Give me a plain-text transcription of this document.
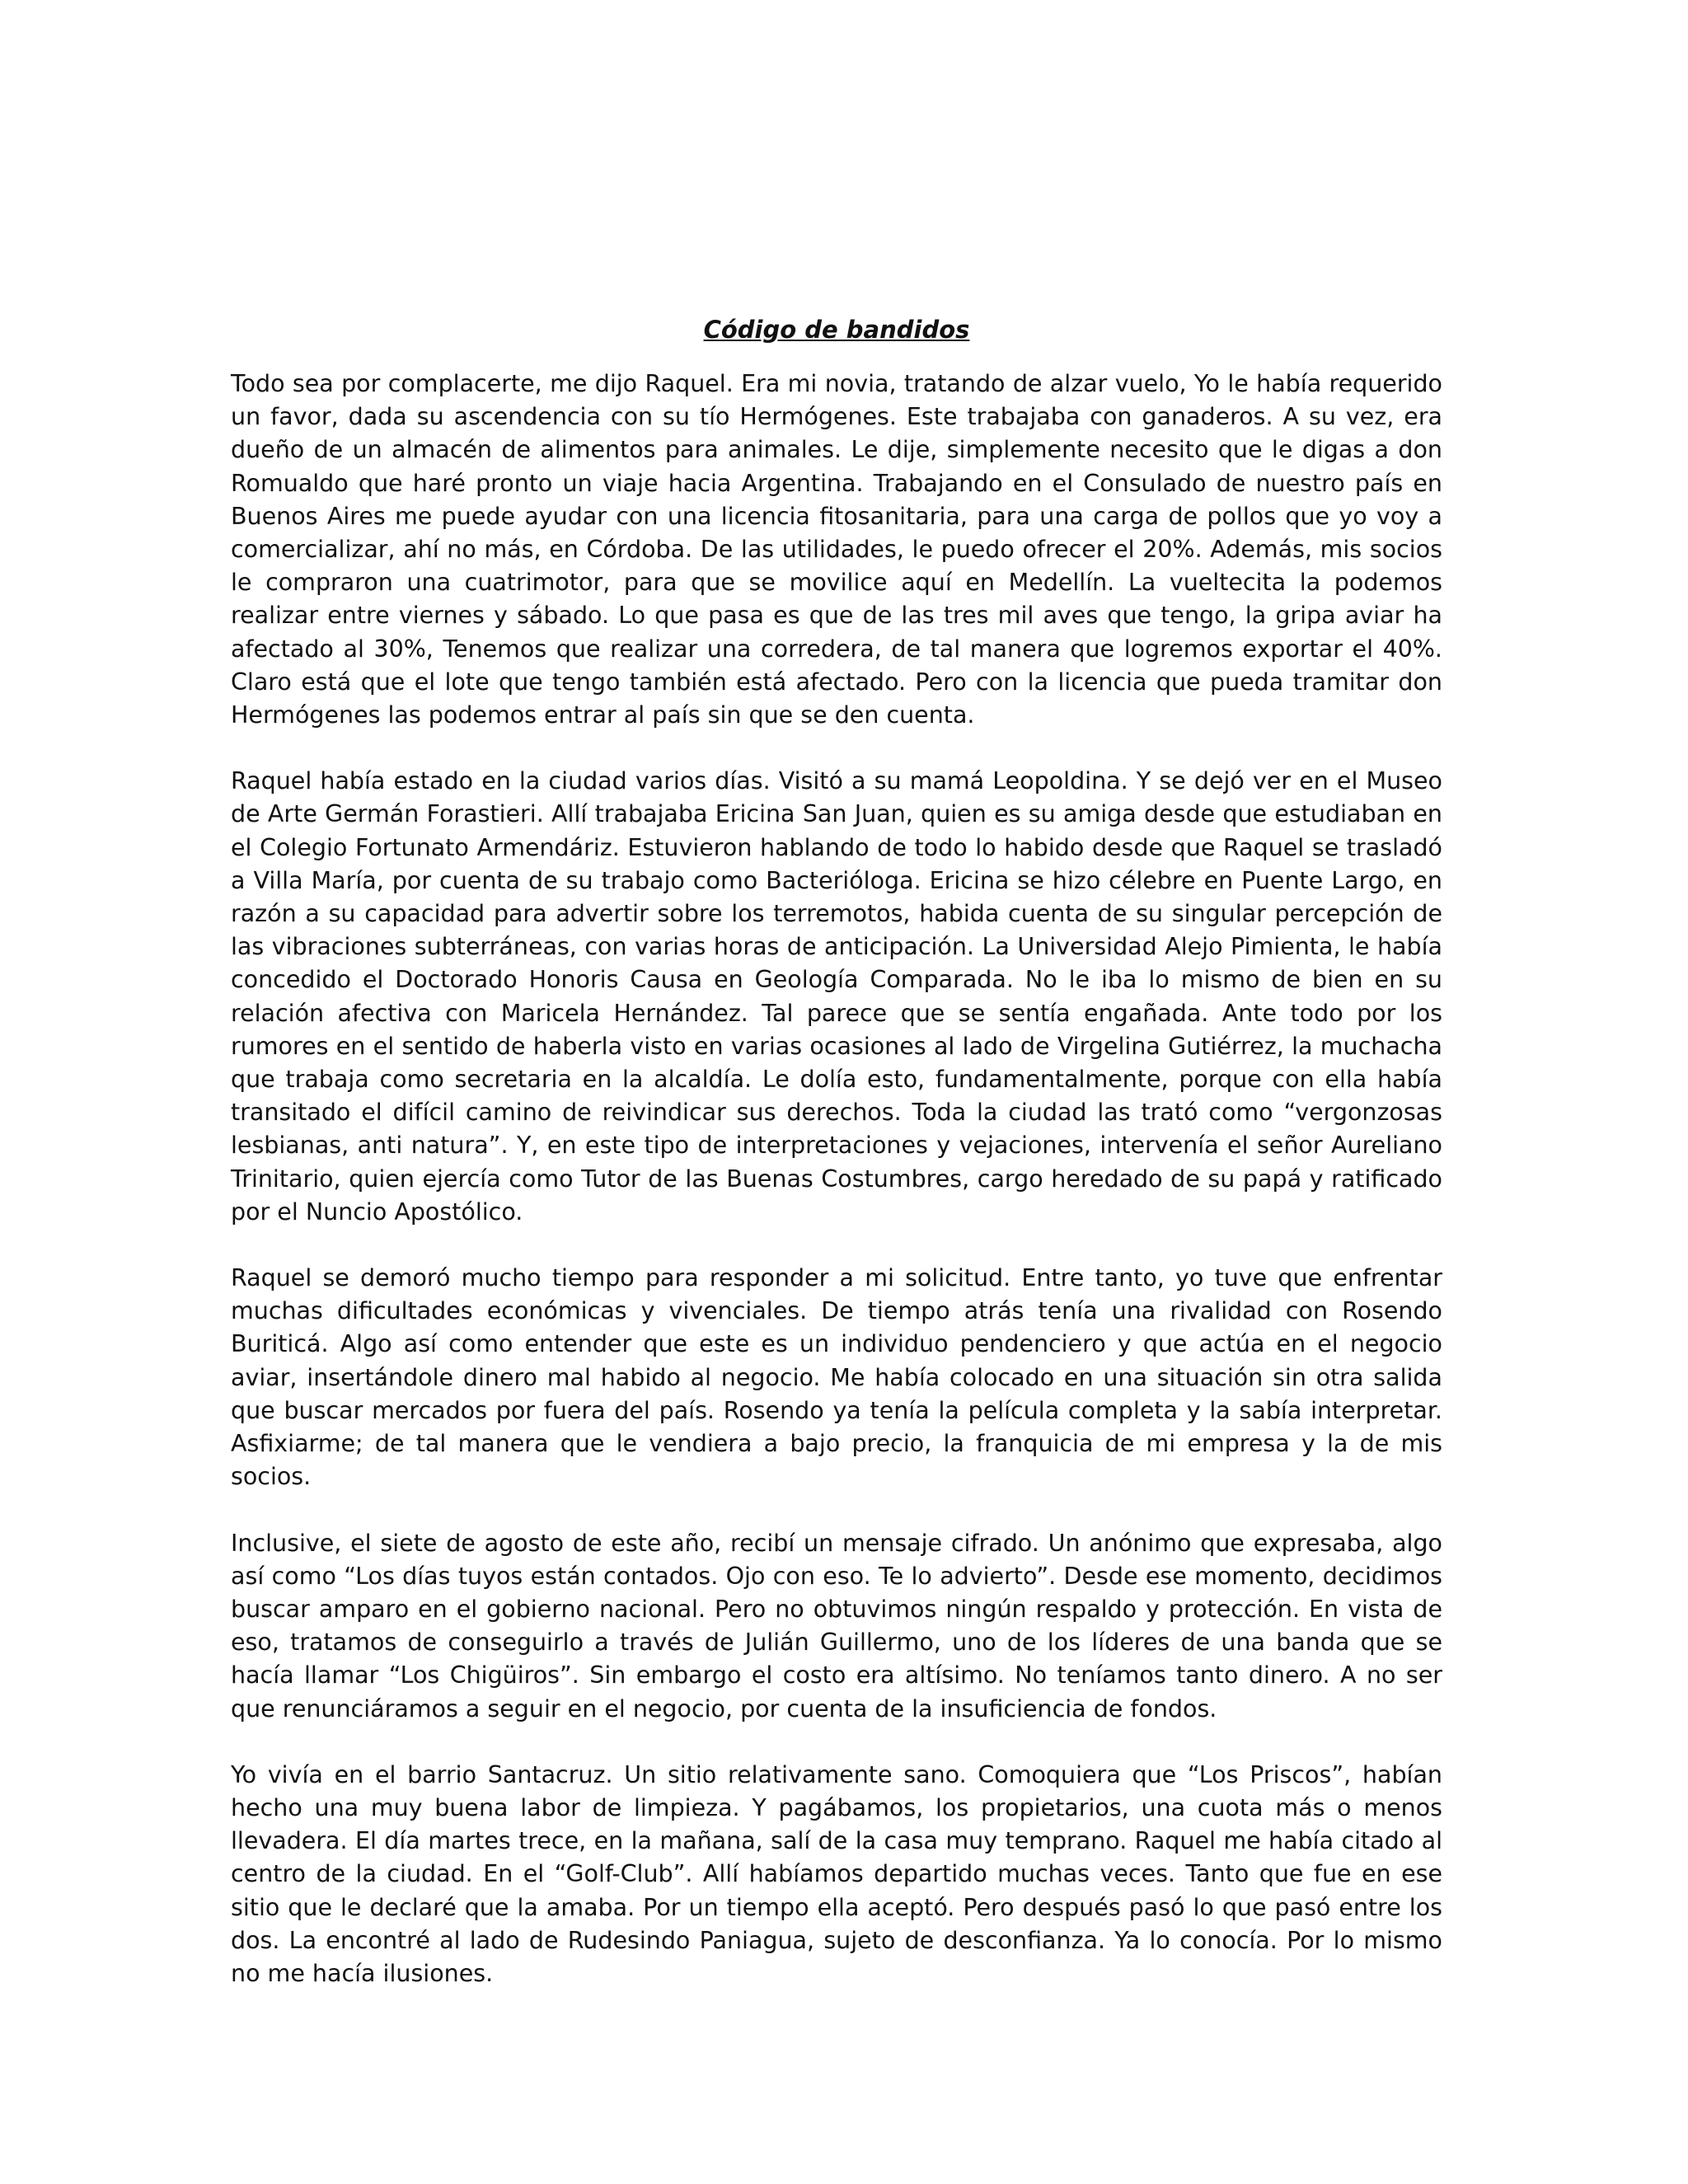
Código de bandidos

Todo sea por complacerte, me dijo Raquel. Era mi novia, tratando de alzar vuelo, Yo le había requerido un favor, dada su ascendencia con su tío Hermógenes. Este trabajaba con ganaderos. A su vez, era dueño de un almacén de alimentos para animales. Le dije, simplemente necesito que le digas a don Romualdo que haré pronto un viaje hacia Argentina. Trabajando en el Consulado de nuestro país en Buenos Aires me puede ayudar con una licencia fitosanitaria, para una carga de pollos que yo voy a comercializar, ahí no más, en Córdoba. De las utilidades, le puedo ofrecer el 20%. Además, mis socios le compraron una cuatrimotor, para que se movilice aquí en Medellín. La vueltecita la podemos realizar entre viernes y sábado. Lo que pasa es que de las tres mil aves que tengo, la gripa aviar ha afectado al 30%, Tenemos que realizar una corredera, de tal manera que logremos exportar el 40%. Claro está que el lote que tengo también está afectado. Pero con la licencia que pueda tramitar don Hermógenes las podemos entrar al país sin que se den cuenta.

Raquel había estado en la ciudad varios días. Visitó a su mamá Leopoldina. Y se dejó ver en el Museo de Arte Germán Forastieri. Allí trabajaba Ericina San Juan, quien es su amiga desde que estudiaban en el Colegio Fortunato Armendáriz. Estuvieron hablando de todo lo habido desde que Raquel se trasladó a Villa María, por cuenta de su trabajo como Bacterióloga. Ericina se hizo célebre en Puente Largo, en razón a su capacidad para advertir sobre los terremotos, habida cuenta de su singular percepción de las vibraciones subterráneas, con varias horas de anticipación. La Universidad Alejo Pimienta, le había concedido el Doctorado Honoris Causa en Geología Comparada. No le iba lo mismo de bien en su relación afectiva con Maricela Hernández. Tal parece que se sentía engañada. Ante todo por los rumores en el sentido de haberla visto en varias ocasiones al lado de Virgelina Gutiérrez, la muchacha que trabaja como secretaria en la alcaldía. Le dolía esto, fundamentalmente, porque con ella había transitado el difícil camino de reivindicar sus derechos. Toda la ciudad las trató como “vergonzosas lesbianas, anti natura”. Y, en este tipo de interpretaciones y vejaciones, intervenía el señor Aureliano Trinitario, quien ejercía como Tutor de las Buenas Costumbres, cargo heredado de su papá y ratificado por el Nuncio Apostólico.

Raquel se demoró mucho tiempo para responder a mi solicitud. Entre tanto, yo tuve que enfrentar muchas dificultades económicas y vivenciales. De tiempo atrás tenía una rivalidad con Rosendo Buriticá. Algo así como entender que este es un individuo pendenciero y que actúa en el negocio aviar, insertándole dinero mal habido al negocio. Me había colocado en una situación sin otra salida que buscar mercados por fuera del país. Rosendo ya tenía la película completa y la sabía interpretar. Asfixiarme; de tal manera que le vendiera a bajo precio, la franquicia de mi empresa y la de mis socios.

Inclusive, el siete de agosto de este año, recibí un mensaje cifrado. Un anónimo que expresaba, algo así como “Los días tuyos están contados. Ojo con eso. Te lo advierto”. Desde ese momento, decidimos buscar amparo en el gobierno nacional. Pero no obtuvimos ningún respaldo y protección. En vista de eso, tratamos de conseguirlo a través de Julián Guillermo, uno de los líderes de una banda que se hacía llamar “Los Chigüiros”. Sin embargo el costo era altísimo. No teníamos tanto dinero. A no ser que renunciáramos a seguir en el negocio, por cuenta de la insuficiencia de fondos.

Yo vivía en el barrio Santacruz. Un sitio relativamente sano. Comoquiera que “Los Priscos”, habían hecho una muy buena labor de limpieza. Y pagábamos, los propietarios, una cuota más o menos llevadera. El día martes trece, en la mañana, salí de la casa muy temprano. Raquel me había citado al centro de la ciudad. En el “Golf-Club”. Allí habíamos departido muchas veces. Tanto que fue en ese sitio que le declaré que la amaba. Por un tiempo ella aceptó. Pero después pasó lo que pasó entre los dos. La encontré al lado de Rudesindo Paniagua, sujeto de desconfianza. Ya lo conocía. Por lo mismo no me hacía ilusiones.
